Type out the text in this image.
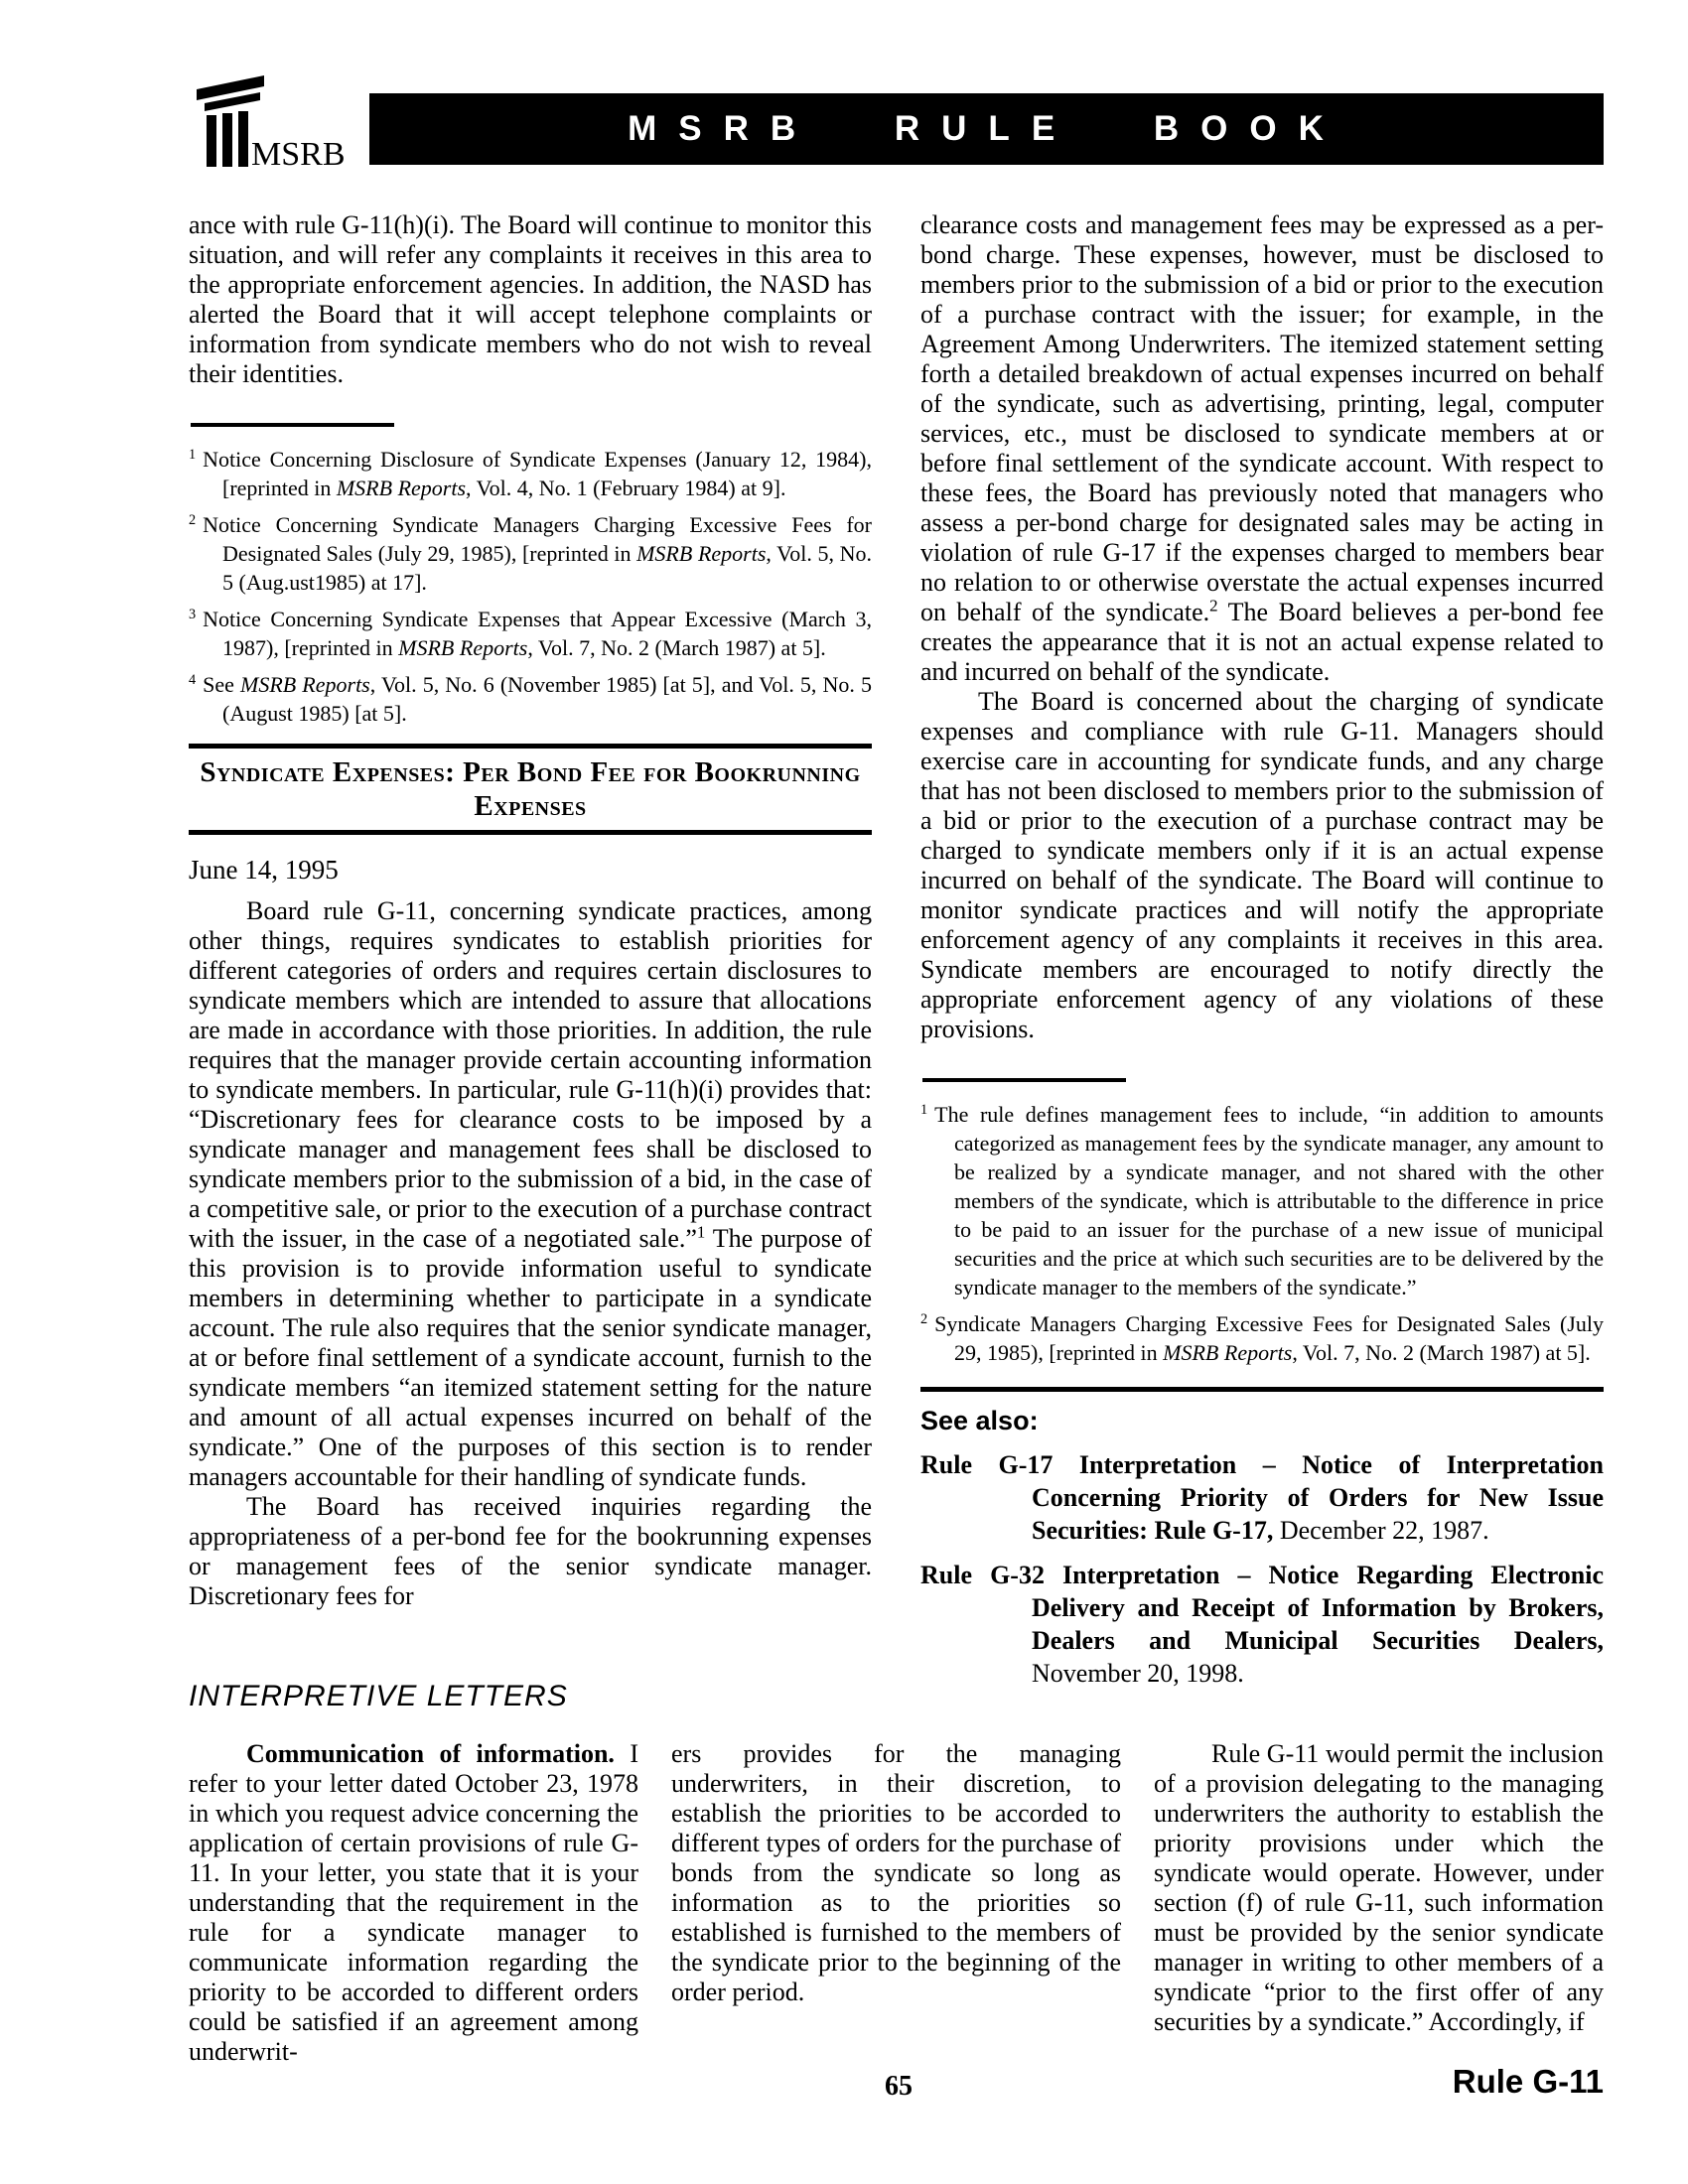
MSRB
MSRB RULE BOOK

ance with rule G-11(h)(i). The Board will continue to monitor this situation, and will refer any complaints it receives in this area to the appropriate enforcement agencies. In addition, the NASD has alerted the Board that it will accept telephone complaints or information from syndicate members who do not wish to reveal their identities.

$^1$ Notice Concerning Disclosure of Syndicate Expenses (January 12, 1984), [reprinted in MSRB Reports, Vol. 4, No. 1 (February 1984) at 9].
$^2$ Notice Concerning Syndicate Managers Charging Excessive Fees for Designated Sales (July 29, 1985), [reprinted in MSRB Reports, Vol. 5, No. 5 (Aug.ust1985) at 17].
$^3$ Notice Concerning Syndicate Expenses that Appear Excessive (March 3, 1987), [reprinted in MSRB Reports, Vol. 7, No. 2 (March 1987) at 5].
$^4$ See MSRB Reports, Vol. 5, No. 6 (November 1985) [at 5], and Vol. 5, No. 5 (August 1985) [at 5].
Syndicate Expenses: Per Bond Fee for Bookrunning Expenses

June 14, 1995

Board rule G-11, concerning syndicate practices, among other things, requires syndicates to establish priorities for different categories of orders and requires certain disclosures to syndicate members which are intended to assure that allocations are made in accordance with those priorities. In addition, the rule requires that the manager provide certain accounting information to syndicate members. In particular, rule G-11(h)(i) provides that: “Discretionary fees for clearance costs to be imposed by a syndicate manager and management fees shall be disclosed to syndicate members prior to the submission of a bid, in the case of a competitive sale, or prior to the execution of a purchase contract with the issuer, in the case of a negotiated sale.”$^1$ The purpose of this provision is to provide information useful to syndicate members in determining whether to participate in a syndicate account. The rule also requires that the senior syndicate manager, at or before final settlement of a syndicate account, furnish to the syndicate members “an itemized statement setting for the nature and amount of all actual expenses incurred on behalf of the syndicate.” One of the purposes of this section is to render managers accountable for their handling of syndicate funds.

The Board has received inquiries regarding the appropriateness of a per-bond fee for the bookrunning expenses or management fees of the senior syndicate manager. Discretionary fees for

clearance costs and management fees may be expressed as a per-bond charge. These expenses, however, must be disclosed to members prior to the submission of a bid or prior to the execution of a purchase contract with the issuer; for example, in the Agreement Among Underwriters. The itemized statement setting forth a detailed breakdown of actual expenses incurred on behalf of the syndicate, such as advertising, printing, legal, computer services, etc., must be disclosed to syndicate members at or before final settlement of the syndicate account. With respect to these fees, the Board has previously noted that managers who assess a per-bond charge for designated sales may be acting in violation of rule G-17 if the expenses charged to members bear no relation to or otherwise overstate the actual expenses incurred on behalf of the syndicate.$^2$ The Board believes a per-bond fee creates the appearance that it is not an actual expense related to and incurred on behalf of the syndicate.

The Board is concerned about the charging of syndicate expenses and compliance with rule G-11. Managers should exercise care in accounting for syndicate funds, and any charge that has not been disclosed to members prior to the submission of a bid or prior to the execution of a purchase contract may be charged to syndicate members only if it is an actual expense incurred on behalf of the syndicate. The Board will continue to monitor syndicate practices and will notify the appropriate enforcement agency of any complaints it receives in this area. Syndicate members are encouraged to notify directly the appropriate enforcement agency of any violations of these provisions.

$^1$ The rule defines management fees to include, “in addition to amounts categorized as management fees by the syndicate manager, any amount to be realized by a syndicate manager, and not shared with the other members of the syndicate, which is attributable to the difference in price to be paid to an issuer for the purchase of a new issue of municipal securities and the price at which such securities are to be delivered by the syndicate manager to the members of the syndicate.”
$^2$ Syndicate Managers Charging Excessive Fees for Designated Sales (July 29, 1985), [reprinted in MSRB Reports, Vol. 7, No. 2 (March 1987) at 5].
See also:
Rule G-17 Interpretation – Notice of Interpretation Concerning Priority of Orders for New Issue Securities: Rule G-17, December 22, 1987.
Rule G-32 Interpretation – Notice Regarding Electronic Delivery and Receipt of Information by Brokers, Dealers and Municipal Securities Dealers, November 20, 1998.
INTERPRETIVE LETTERS

Communication of information. I refer to your letter dated October 23, 1978 in which you request advice concerning the application of certain provisions of rule G-11. In your letter, you state that it is your understanding that the requirement in the rule for a syndicate manager to communicate information regarding the priority to be accorded to different orders could be satisfied if an agreement among underwrit-

ers provides for the managing underwriters, in their discretion, to establish the priorities to be accorded to different types of orders for the purchase of bonds from the syndicate so long as information as to the priorities so established is furnished to the members of the syndicate prior to the beginning of the order period.

Rule G-11 would permit the inclusion of a provision delegating to the managing underwriters the authority to establish the priority provisions under which the syndicate would operate. However, under section (f) of rule G-11, such information must be provided by the senior syndicate manager in writing to other members of a syndicate “prior to the first offer of any securities by a syndicate.” Accordingly, if

65	Rule G-11
